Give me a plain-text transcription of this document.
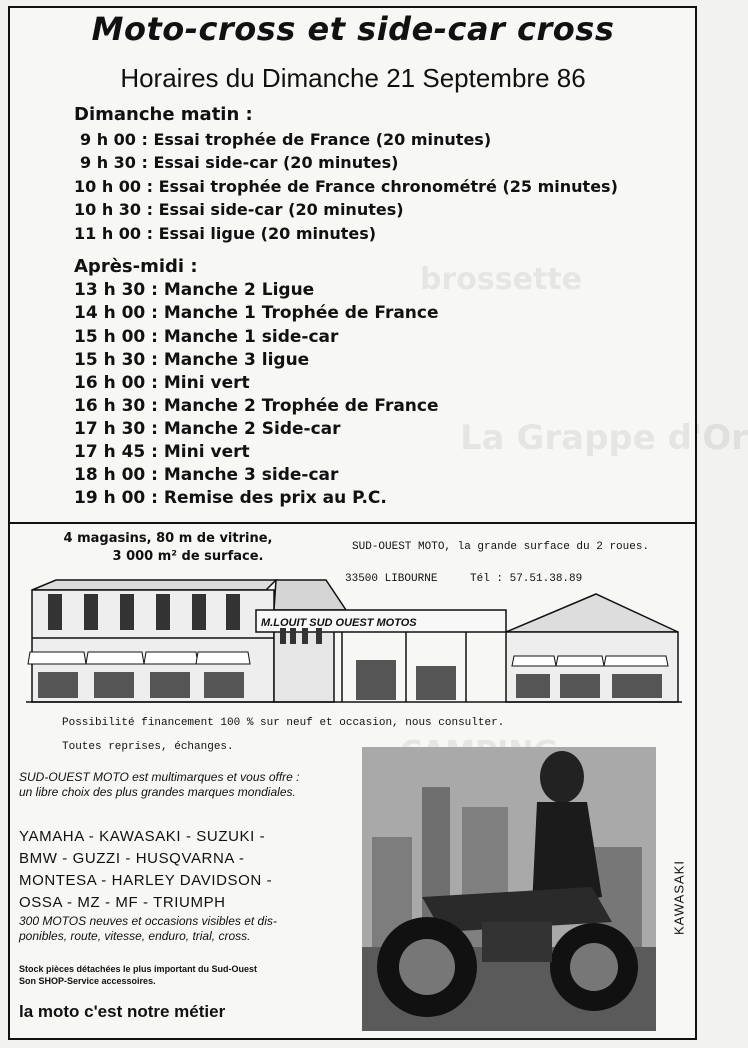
brossette
La Grappe d'Or
Moto-cross et side-car cross
Horaires du Dimanche 21 Septembre 86
Dimanche matin :
9 h 00 : Essai trophée de France (20 minutes)
9 h 30 : Essai side-car (20 minutes)
10 h 00 : Essai trophée de France chronométré (25 minutes)
10 h 30 : Essai side-car (20 minutes)
11 h 00 : Essai ligue (20 minutes)
Après-midi :
13 h 30 : Manche 2 Ligue
14 h 00 : Manche 1 Trophée de France
15 h 00 : Manche 1 side-car
15 h 30 : Manche 3 ligue
16 h 00 : Mini vert
16 h 30 : Manche 2 Trophée de France
17 h 30 : Manche 2 Side-car
17 h 45 : Mini vert
18 h 00 : Manche 3 side-car
19 h 00 : Remise des prix au P.C.
4 magasins, 80 m de vitrine,
3 000 m² de surface.
SUD-OUEST MOTO, la grande surface du 2 roues.
33500 LIBOURNE	Tél : 57.51.38.89
M.LOUIT SUD OUEST MOTOS
Possibilité financement 100 % sur neuf et occasion, nous consulter.
Toutes reprises, échanges.
SUD-OUEST MOTO est multimarques et vous offre :
un libre choix des plus grandes marques mondiales.
YAMAHA - KAWASAKI - SUZUKI -
BMW - GUZZI - HUSQVARNA -
MONTESA - HARLEY DAVIDSON -
OSSA - MZ - MF - TRIUMPH
300 MOTOS neuves et occasions visibles et dis-
ponibles, route, vitesse, enduro, trial, cross.
Stock pièces détachées le plus important du Sud-Ouest
Son SHOP-Service accessoires.
la moto c'est notre métier
KAWASAKI
